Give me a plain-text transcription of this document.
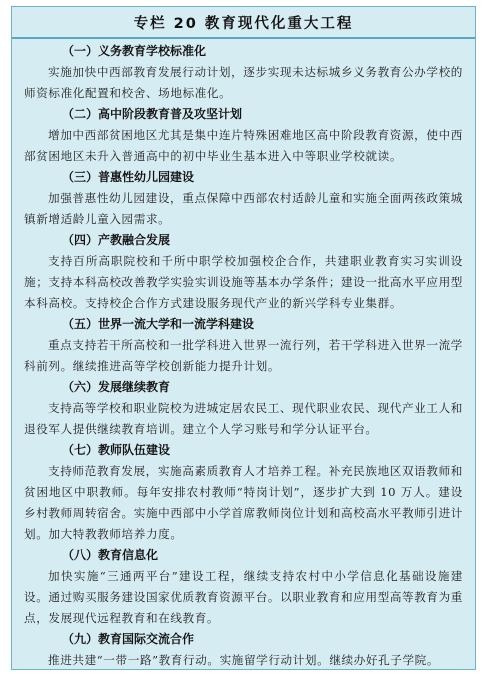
专栏 20 教育现代化重大工程
（一）义务教育学校标准化

实施加快中西部教育发展行动计划，逐步实现未达标城乡义务教育公办学校的师资标准化配置和校舍、场地标准化。

（二）高中阶段教育普及攻坚计划

增加中西部贫困地区尤其是集中连片特殊困难地区高中阶段教育资源，使中西部贫困地区未升入普通高中的初中毕业生基本进入中等职业学校就读。

（三）普惠性幼儿园建设

加强普惠性幼儿园建设，重点保障中西部农村适龄儿童和实施全面两孩政策城镇新增适龄儿童入园需求。

（四）产教融合发展

支持百所高职院校和千所中职学校加强校企合作，共建职业教育实习实训设施；支持本科高校改善教学实验实训设施等基本办学条件；建设一批高水平应用型本科高校。支持校企合作方式建设服务现代产业的新兴学科专业集群。

（五）世界一流大学和一流学科建设

重点支持若干所高校和一批学科进入世界一流行列，若干学科进入世界一流学科前列。继续推进高等学校创新能力提升计划。

（六）发展继续教育

支持高等学校和职业院校为进城定居农民工、现代职业农民、现代产业工人和退役军人提供继续教育培训。建立个人学习账号和学分认证平台。

（七）教师队伍建设

支持师范教育发展，实施高素质教育人才培养工程。补充民族地区双语教师和贫困地区中职教师。每年安排农村教师“特岗计划”，逐步扩大到 10 万人。建设乡村教师周转宿舍。实施中西部中小学首席教师岗位计划和高校高水平教师引进计划。加大特教教师培养力度。

（八）教育信息化

加快实施“三通两平台”建设工程，继续支持农村中小学信息化基础设施建设。通过购买服务建设国家优质教育资源平台。以职业教育和应用型高等教育为重点，发展现代远程教育和在线教育。

（九）教育国际交流合作

推进共建“一带一路”教育行动。实施留学行动计划。继续办好孔子学院。
